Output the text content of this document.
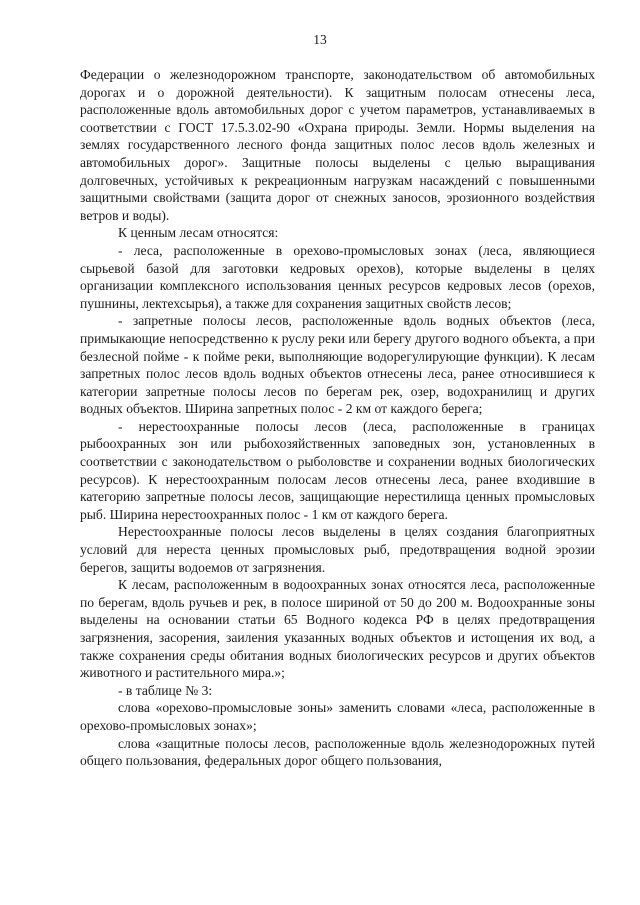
13

Федерации о железнодорожном транспорте, законодательством об автомобильных дорогах и о дорожной деятельности). К защитным полосам отнесены леса, расположенные вдоль автомобильных дорог с учетом параметров, устанавливаемых в соответствии с ГОСТ 17.5.3.02-90 «Охрана природы. Земли. Нормы выделения на землях государственного лесного фонда защитных полос лесов вдоль железных и автомобильных дорог». Защитные полосы выделены с целью выращивания долговечных, устойчивых к рекреационным нагрузкам насаждений с повышенными защитными свойствами (защита дорог от снежных заносов, эрозионного воздействия ветров и воды).

К ценным лесам относятся:

- леса, расположенные в орехово-промысловых зонах (леса, являющиеся сырьевой базой для заготовки кедровых орехов), которые выделены в целях организации комплексного использования ценных ресурсов кедровых лесов (орехов, пушнины, лектехсырья), а также для сохранения защитных свойств лесов;

- запретные полосы лесов, расположенные вдоль водных объектов (леса, примыкающие непосредственно к руслу реки или берегу другого водного объекта, а при безлесной пойме - к пойме реки, выполняющие водорегулирующие функции). К лесам запретных полос лесов вдоль водных объектов отнесены леса, ранее относившиеся к категории запретные полосы лесов по берегам рек, озер, водохранилищ и других водных объектов. Ширина запретных полос - 2 км от каждого берега;

- нерестоохранные полосы лесов (леса, расположенные в границах рыбоохранных зон или рыбохозяйственных заповедных зон, установленных в соответствии с законодательством о рыболовстве и сохранении водных биологических ресурсов). К нерестоохранным полосам лесов отнесены леса, ранее входившие в категорию запретные полосы лесов, защищающие нерестилища ценных промысловых рыб. Ширина нерестоохранных полос - 1 км от каждого берега.

Нерестоохранные полосы лесов выделены в целях создания благоприятных условий для нереста ценных промысловых рыб, предотвращения водной эрозии берегов, защиты водоемов от загрязнения.

К лесам, расположенным в водоохранных зонах относятся леса, расположенные по берегам, вдоль ручьев и рек, в полосе шириной от 50 до 200 м. Водоохранные зоны выделены на основании статьи 65 Водного кодекса РФ в целях предотвращения загрязнения, засорения, заиления указанных водных объектов и истощения их вод, а также сохранения среды обитания водных биологических ресурсов и других объектов животного и растительного мира.»;

- в таблице № 3:

слова «орехово-промысловые зоны» заменить словами «леса, расположенные в орехово-промысловых зонах»;

слова «защитные полосы лесов, расположенные вдоль железнодорожных путей общего пользования, федеральных дорог общего пользования,
